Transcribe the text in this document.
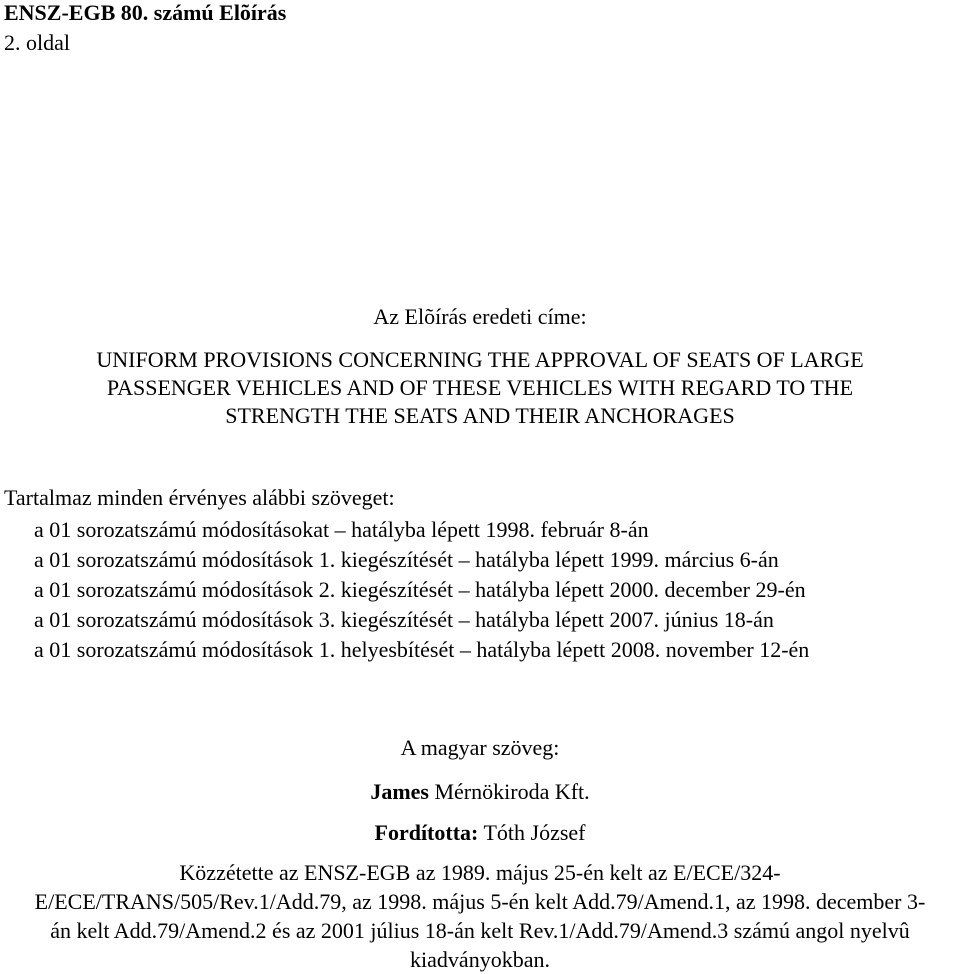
ENSZ-EGB 80. számú Elõírás
2. oldal
Az Elõírás eredeti címe:
UNIFORM PROVISIONS CONCERNING THE APPROVAL OF SEATS OF LARGE
PASSENGER VEHICLES AND OF THESE VEHICLES WITH REGARD TO THE
STRENGTH THE SEATS AND THEIR ANCHORAGES
Tartalmaz minden érvényes alábbi szöveget:
a 01 sorozatszámú módosításokat – hatályba lépett 1998. február 8-án
a 01 sorozatszámú módosítások 1. kiegészítését – hatályba lépett 1999. március 6-án
a 01 sorozatszámú módosítások 2. kiegészítését – hatályba lépett 2000. december 29-én
a 01 sorozatszámú módosítások 3. kiegészítését – hatályba lépett 2007. június 18-án
a 01 sorozatszámú módosítások 1. helyesbítését – hatályba lépett 2008. november 12-én
A magyar szöveg:
James Mérnökiroda Kft.
Fordította: Tóth József
Közzétette az ENSZ-EGB az 1989. május 25-én kelt az E/ECE/324-
E/ECE/TRANS/505/Rev.1/Add.79, az 1998. május 5-én kelt Add.79/Amend.1, az 1998. december 3-
án kelt Add.79/Amend.2 és az 2001 július 18-án kelt Rev.1/Add.79/Amend.3 számú angol nyelvû
kiadványokban.
